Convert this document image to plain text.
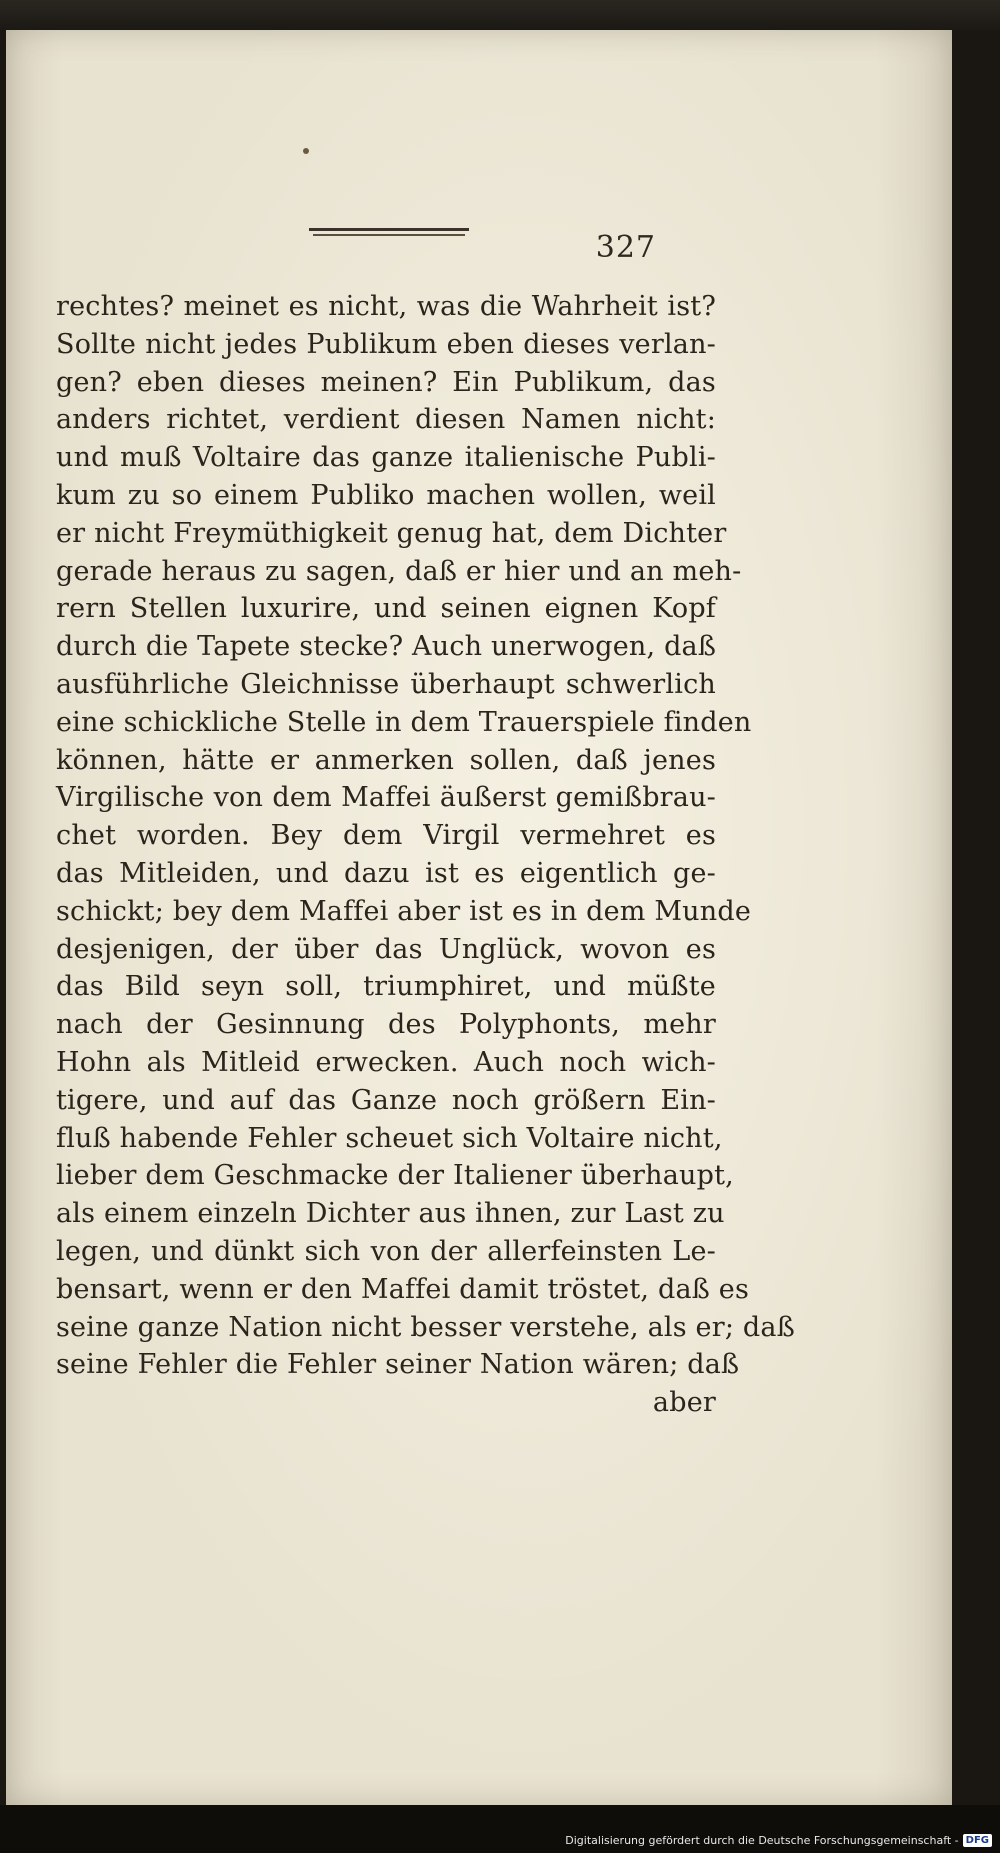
327
rechtes? meinet es nicht, was die Wahrheit ist?
Sollte nicht jedes Publikum eben dieses verlan-
gen? eben dieses meinen? Ein Publikum, das
anders richtet, verdient diesen Namen nicht:
und muß Voltaire das ganze italienische Publi-
kum zu so einem Publiko machen wollen, weil
er nicht Freymüthigkeit genug hat, dem Dichter
gerade heraus zu sagen, daß er hier und an meh-
rern Stellen luxurire, und seinen eignen Kopf
durch die Tapete stecke? Auch unerwogen, daß
ausführliche Gleichnisse überhaupt schwerlich
eine schickliche Stelle in dem Trauerspiele finden
können, hätte er anmerken sollen, daß jenes
Virgilische von dem Maffei äußerst gemißbrau-
chet worden. Bey dem Virgil vermehret es
das Mitleiden, und dazu ist es eigentlich ge-
schickt; bey dem Maffei aber ist es in dem Munde
desjenigen, der über das Unglück, wovon es
das Bild seyn soll, triumphiret, und müßte
nach der Gesinnung des Polyphonts, mehr
Hohn als Mitleid erwecken. Auch noch wich-
tigere, und auf das Ganze noch größern Ein-
fluß habende Fehler scheuet sich Voltaire nicht,
lieber dem Geschmacke der Italiener überhaupt,
als einem einzeln Dichter aus ihnen, zur Last zu
legen, und dünkt sich von der allerfeinsten Le-
bensart, wenn er den Maffei damit tröstet, daß es
seine ganze Nation nicht besser verstehe, als er; daß
seine Fehler die Fehler seiner Nation wären; daß
aber
Digitalisierung gefördert durch die Deutsche Forschungsgemeinschaft - DFG
